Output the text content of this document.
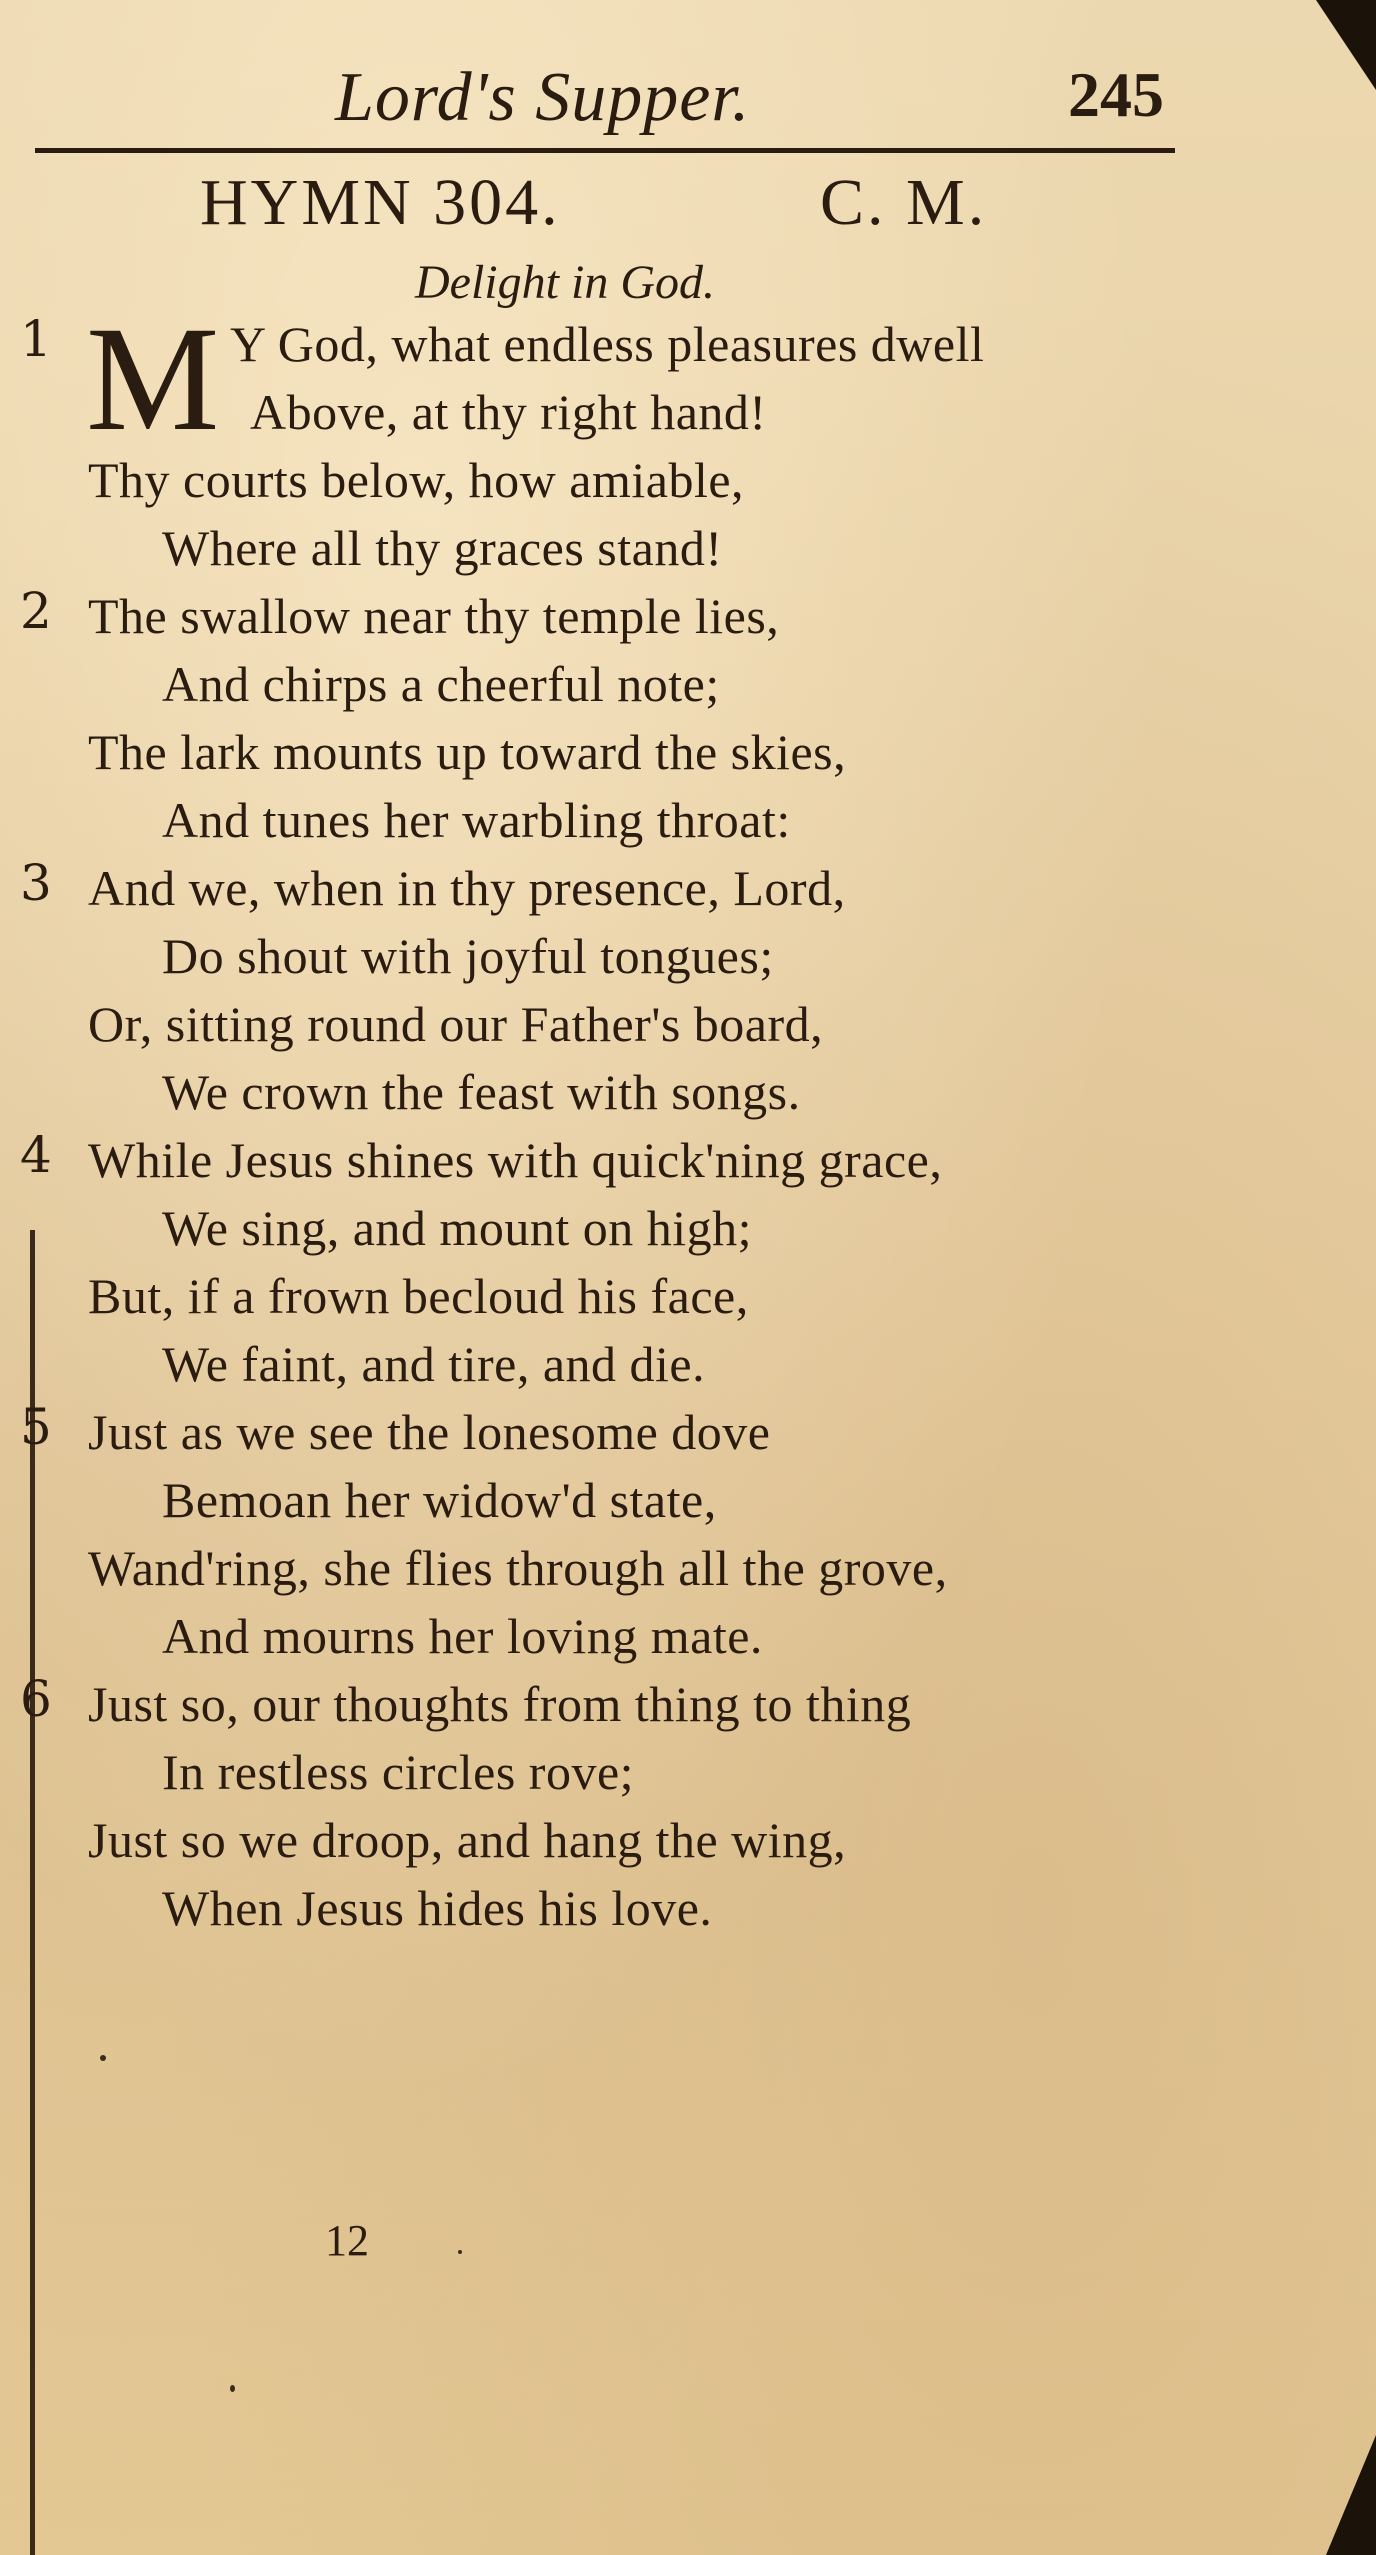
Lord's Supper.	245
HYMN 304.	C. M.
Delight in God.
1 M Y God, what endless pleasures dwell
Above, at thy right hand!
Thy courts below, how amiable,
Where all thy graces stand!
2 The swallow near thy temple lies,
And chirps a cheerful note;
The lark mounts up toward the skies,
And tunes her warbling throat:
3 And we, when in thy presence, Lord,
Do shout with joyful tongues;
Or, sitting round our Father's board,
We crown the feast with songs.
4 While Jesus shines with quick'ning grace,
We sing, and mount on high;
But, if a frown becloud his face,
We faint, and tire, and die.
5 Just as we see the lonesome dove
Bemoan her widow'd state,
Wand'ring, she flies through all the grove,
And mourns her loving mate.
6 Just so, our thoughts from thing to thing
In restless circles rove;
Just so we droop, and hang the wing,
When Jesus hides his love.
12
